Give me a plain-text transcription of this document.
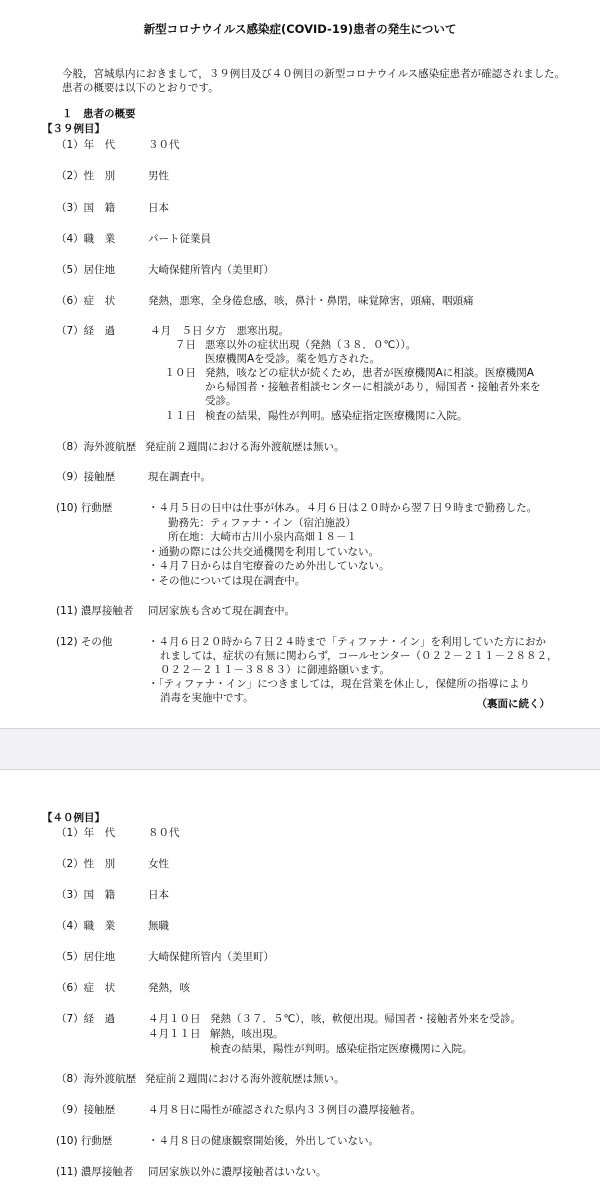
新型コロナウイルス感染症(COVID-19)患者の発生について
今般，宮城県内におきまして，３９例目及び４０例目の新型コロナウイルス感染症患者が確認されました。
患者の概要は以下のとおりです。
１　患者の概要
【３９例目】
（1）年　代	３０代
（2）性　別	男性
（3）国　籍	日本
（4）職　業	パート従業員
（5）居住地	大崎保健所管内（美里町）
（6）症　状	発熱，悪寒，全身倦怠感，咳，鼻汁・鼻閉，味覚障害，頭痛，咽頭痛
（7）経　過	４月　５日 夕方　悪寒出現。
７日 悪寒以外の症状出現（発熱（３８．０℃））。
医療機関Aを受診。薬を処方された。
１０日 発熱，咳などの症状が続くため，患者が医療機関Aに相談。医療機関A
から帰国者・接触者相談センターに相談があり，帰国者・接触者外来を
受診。
１１日 検査の結果，陽性が判明。感染症指定医療機関に入院。
（8）海外渡航歴 発症前２週間における海外渡航歴は無い。
（9）接触歴	現在調査中。
(10) 行動歴	・４月５日の日中は仕事が休み。４月６日は２０時から翌７日９時まで勤務した。
勤務先：ティファナ・イン（宿泊施設）
所在地：大崎市古川小泉内高畑１８－１
・通勤の際には公共交通機関を利用していない。
・４月７日からは自宅療養のため外出していない。
・その他については現在調査中。
(11) 濃厚接触者 同居家族も含めて現在調査中。
(12) その他	・４月６日２０時から７日２４時まで「ティファナ・イン」を利用していた方におか
れましては，症状の有無に関わらず，コールセンター（０２２－２１１－２８８２，
０２２－２１１－３８８３）に御連絡願います。
・「ティファナ・イン」につきましては，現在営業を休止し，保健所の指導により
消毒を実施中です。	（裏面に続く）
【４０例目】
（1）年　代	８０代
（2）性　別	女性
（3）国　籍	日本
（4）職　業	無職
（5）居住地	大崎保健所管内（美里町）
（6）症　状	発熱，咳
（7）経　過	４月１０日 発熱（３７．５℃），咳，軟便出現。帰国者・接触者外来を受診。
４月１１日 解熱，咳出現。
検査の結果，陽性が判明。感染症指定医療機関に入院。
（8）海外渡航歴 発症前２週間における海外渡航歴は無い。
（9）接触歴	４月８日に陽性が確認された県内３３例目の濃厚接触者。
(10) 行動歴	・４月８日の健康観察開始後，外出していない。
(11) 濃厚接触者 同居家族以外に濃厚接触者はいない。
